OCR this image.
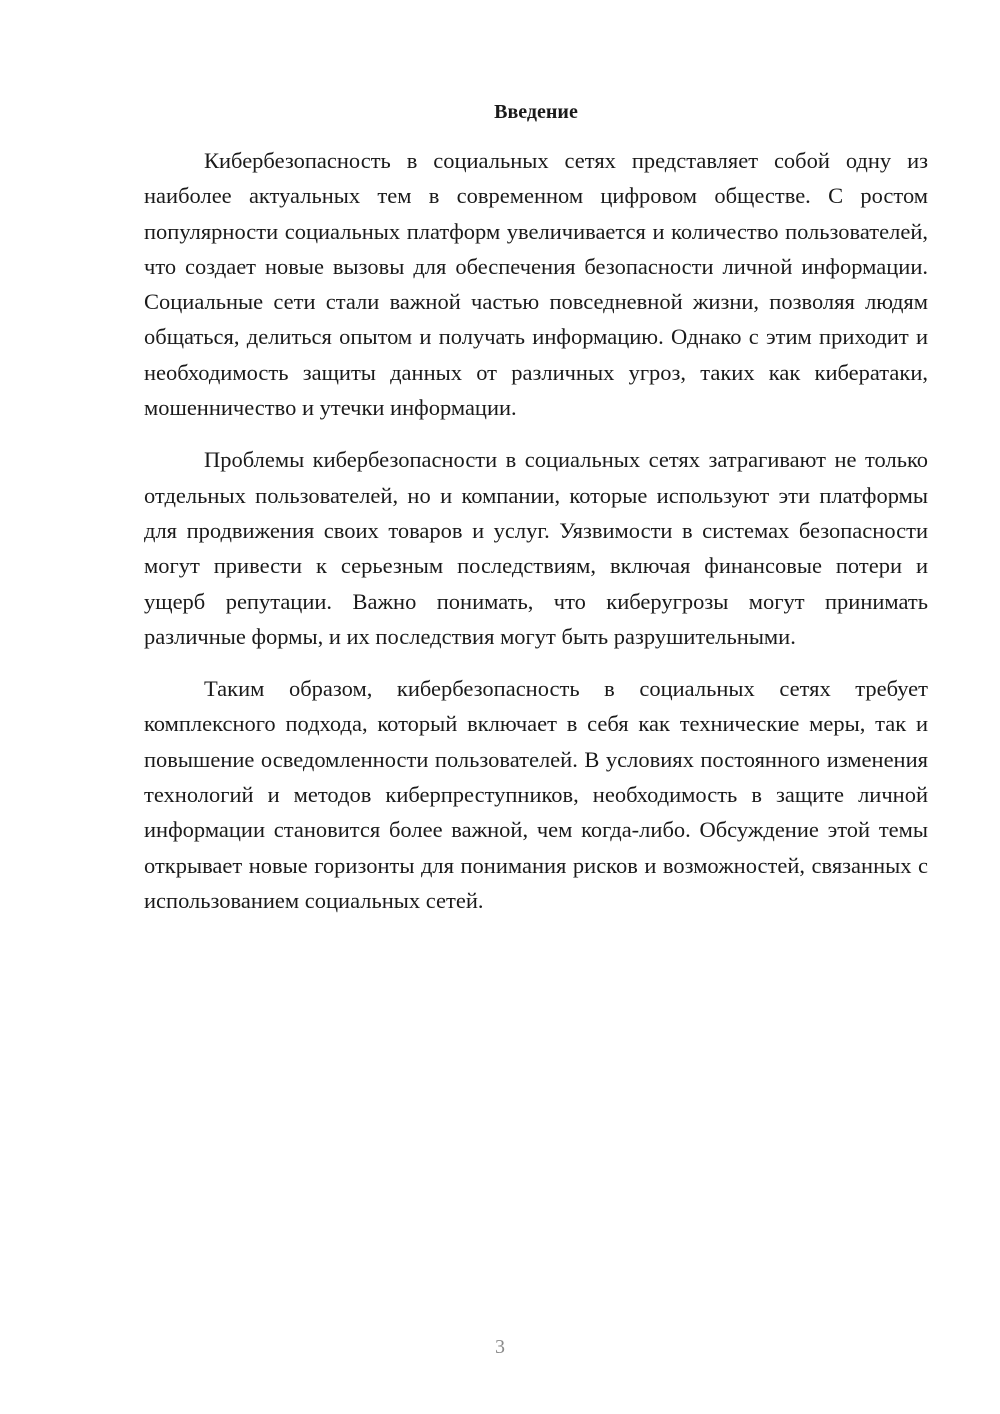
Введение

Кибербезопасность в социальных сетях представляет собой одну из наиболее актуальных тем в современном цифровом обществе. С ростом популярности социальных платформ увеличивается и количество пользователей, что создает новые вызовы для обеспечения безопасности личной информации. Социальные сети стали важной частью повседневной жизни, позволяя людям общаться, делиться опытом и получать информацию. Однако с этим приходит и необходимость защиты данных от различных угроз, таких как кибератаки, мошенничество и утечки информации.

Проблемы кибербезопасности в социальных сетях затрагивают не только отдельных пользователей, но и компании, которые используют эти платформы для продвижения своих товаров и услуг. Уязвимости в системах безопасности могут привести к серьезным последствиям, включая финансовые потери и ущерб репутации. Важно понимать, что киберугрозы могут принимать различные формы, и их последствия могут быть разрушительными.

Таким образом, кибербезопасность в социальных сетях требует комплексного подхода, который включает в себя как технические меры, так и повышение осведомленности пользователей. В условиях постоянного изменения технологий и методов киберпреступников, необходимость в защите личной информации становится более важной, чем когда-либо. Обсуждение этой темы открывает новые горизонты для понимания рисков и возможностей, связанных с использованием социальных сетей.

3
